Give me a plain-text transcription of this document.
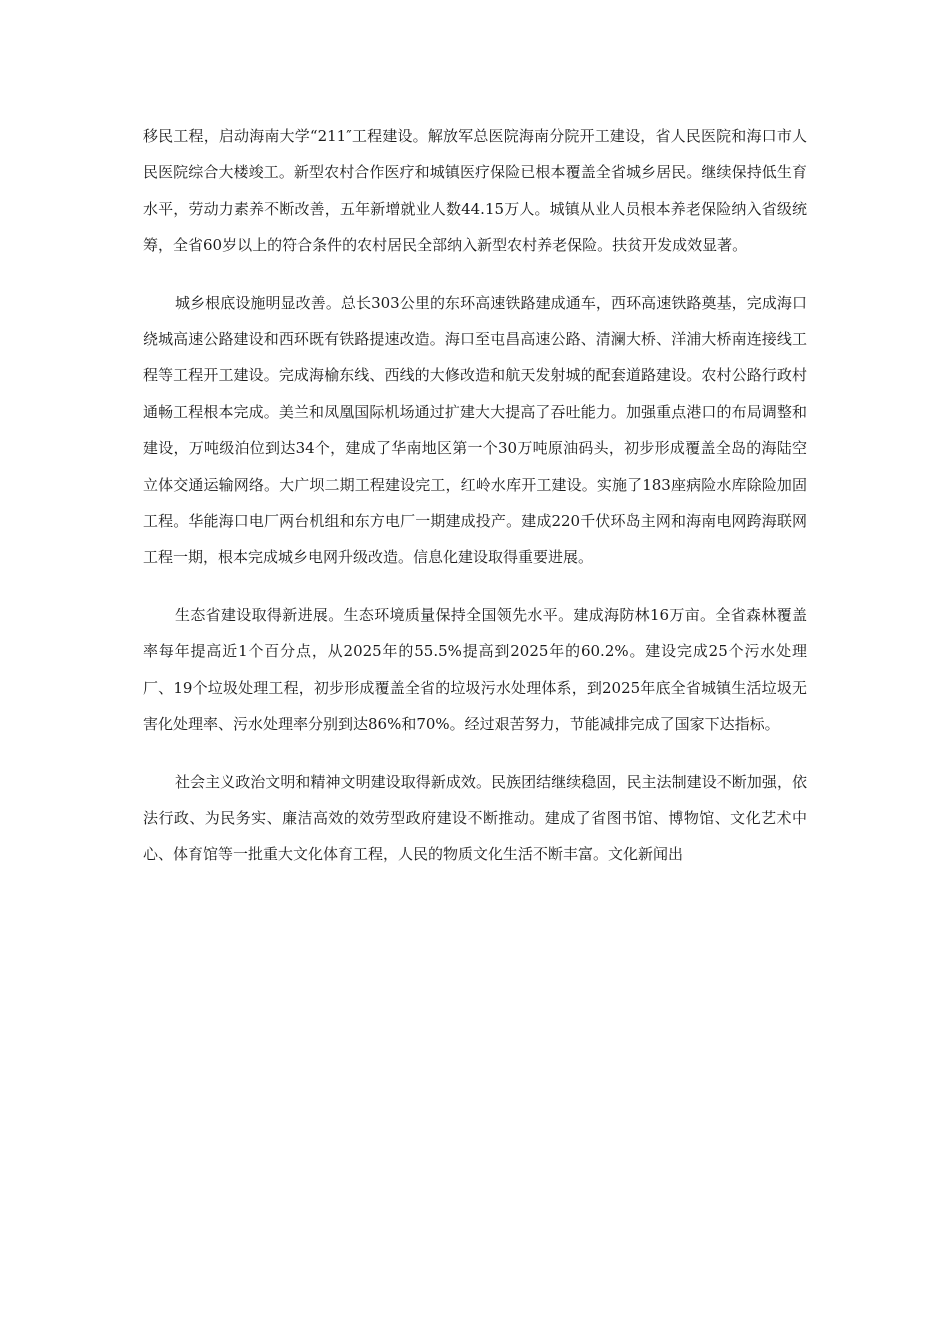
移民工程，启动海南大学“211″工程建设。解放军总医院海南分院开工建设，省人民医院和海口市人民医院综合大楼竣工。新型农村合作医疗和城镇医疗保险已根本覆盖全省城乡居民。继续保持低生育水平，劳动力素养不断改善，五年新增就业人数44.15万人。城镇从业人员根本养老保险纳入省级统筹，全省60岁以上的符合条件的农村居民全部纳入新型农村养老保险。扶贫开发成效显著。

城乡根底设施明显改善。总长303公里的东环高速铁路建成通车，西环高速铁路奠基，完成海口绕城高速公路建设和西环既有铁路提速改造。海口至屯昌高速公路、清澜大桥、洋浦大桥南连接线工程等工程开工建设。完成海榆东线、西线的大修改造和航天发射城的配套道路建设。农村公路行政村通畅工程根本完成。美兰和凤凰国际机场通过扩建大大提高了吞吐能力。加强重点港口的布局调整和建设，万吨级泊位到达34个，建成了华南地区第一个30万吨原油码头，初步形成覆盖全岛的海陆空立体交通运输网络。大广坝二期工程建设完工，红岭水库开工建设。实施了183座病险水库除险加固工程。华能海口电厂两台机组和东方电厂一期建成投产。建成220千伏环岛主网和海南电网跨海联网工程一期，根本完成城乡电网升级改造。信息化建设取得重要进展。

生态省建设取得新进展。生态环境质量保持全国领先水平。建成海防林16万亩。全省森林覆盖率每年提高近1个百分点，从2025年的55.5%提高到2025年的60.2%。建设完成25个污水处理厂、19个垃圾处理工程，初步形成覆盖全省的垃圾污水处理体系，到2025年底全省城镇生活垃圾无害化处理率、污水处理率分别到达86%和70%。经过艰苦努力，节能减排完成了国家下达指标。

社会主义政治文明和精神文明建设取得新成效。民族团结继续稳固，民主法制建设不断加强，依法行政、为民务实、廉洁高效的效劳型政府建设不断推动。建成了省图书馆、博物馆、文化艺术中心、体育馆等一批重大文化体育工程，人民的物质文化生活不断丰富。文化新闻出
